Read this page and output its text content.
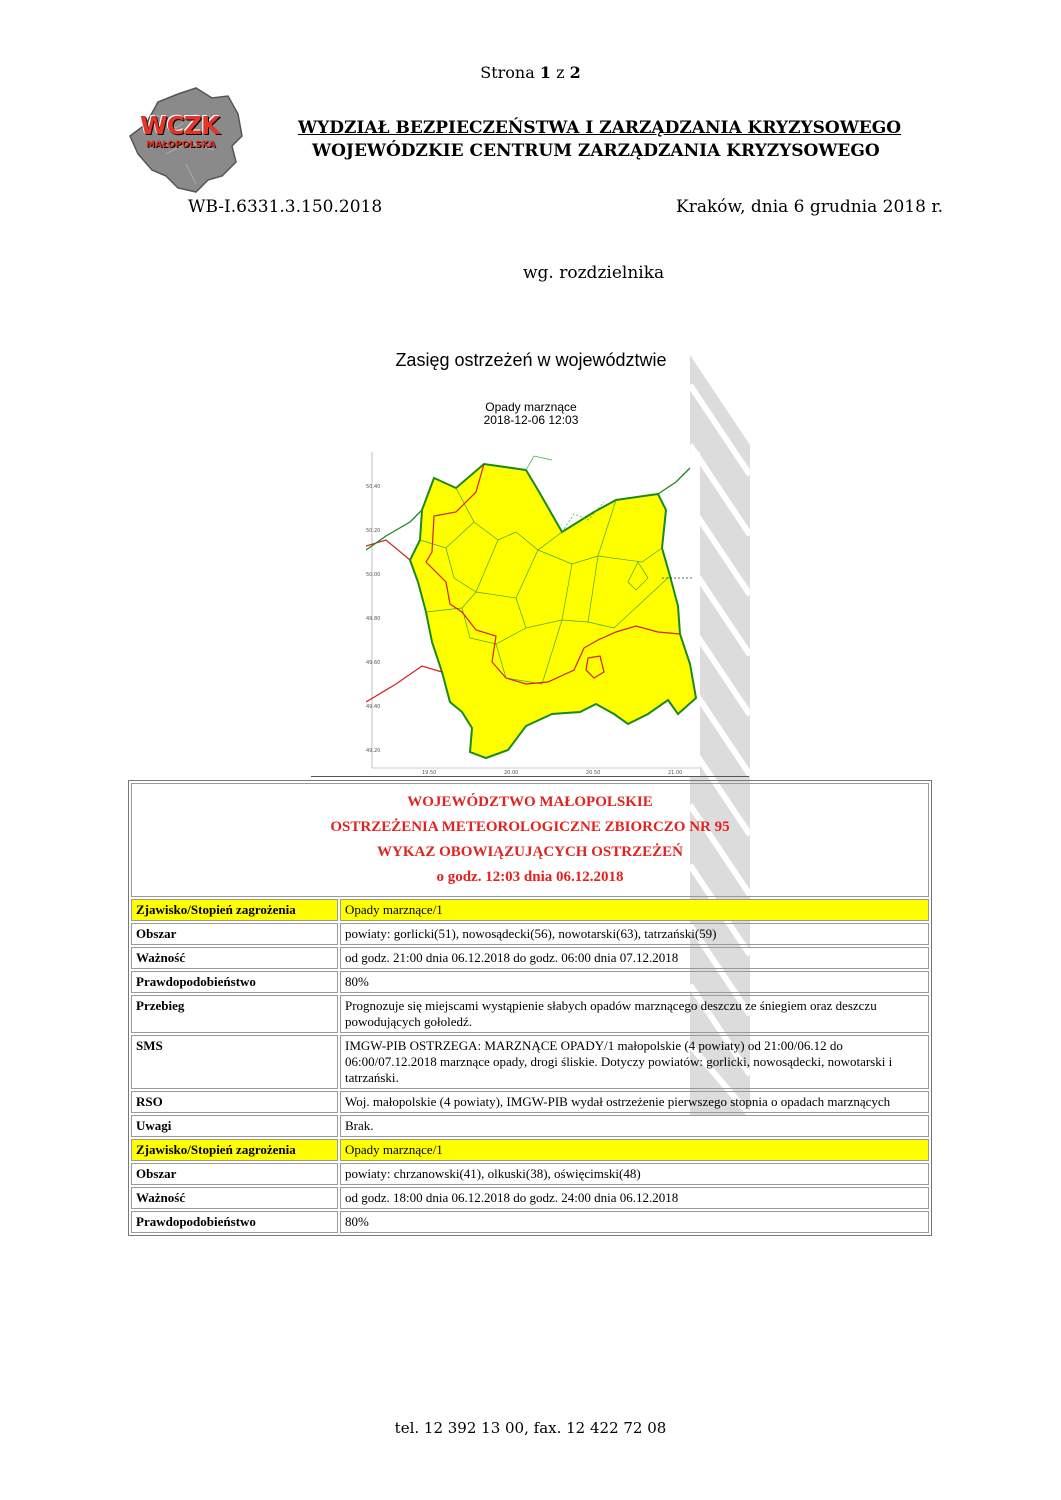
Strona 1 z 2
WCZK
MAŁOPOLSKA
WYDZIAŁ BEZPIECZEŃSTWA I ZARZĄDZANIA KRYZYSOWEGO
WOJEWÓDZKIE CENTRUM ZARZĄDZANIA KRYZYSOWEGO
WB-I.6331.3.150.2018	Kraków, dnia 6 grudnia 2018 r.
wg. rozdzielnika
Zasięg ostrzeżeń w województwie
Opady marznące
2018-12-06 12:03
50.40
50.20
50.00
49.80
49.60
49.40
49.20
19.50	20.00	20.50	21.00
WOJEWÓDZTWO MAŁOPOLSKIE
OSTRZEŻENIA METEOROLOGICZNE ZBIORCZO NR 95
WYKAZ OBOWIĄZUJĄCYCH OSTRZEŻEŃ
o godz. 12:03 dnia 06.12.2018	

Zjawisko/Stopień zagrożenia	Opady marznące/1
Obszar	powiaty: gorlicki(51), nowosądecki(56), nowotarski(63), tatrzański(59)
Ważność	od godz. 21:00 dnia 06.12.2018 do godz. 06:00 dnia 07.12.2018
Prawdopodobieństwo	80%
Przebieg	Prognozuje się miejscami wystąpienie słabych opadów marznącego deszczu ze śniegiem oraz deszczu powodujących gołoledź.
SMS	IMGW-PIB OSTRZEGA: MARZNĄCE OPADY/1 małopolskie (4 powiaty) od 21:00/06.12 do 06:00/07.12.2018 marznące opady, drogi śliskie. Dotyczy powiatów: gorlicki, nowosądecki, nowotarski i tatrzański.
RSO	Woj. małopolskie (4 powiaty), IMGW-PIB wydał ostrzeżenie pierwszego stopnia o opadach marznących
Uwagi	Brak.
Zjawisko/Stopień zagrożenia	Opady marznące/1
Obszar	powiaty: chrzanowski(41), olkuski(38), oświęcimski(48)
Ważność	od godz. 18:00 dnia 06.12.2018 do godz. 24:00 dnia 06.12.2018
Prawdopodobieństwo	80%
tel. 12 392 13 00, fax. 12 422 72 08
